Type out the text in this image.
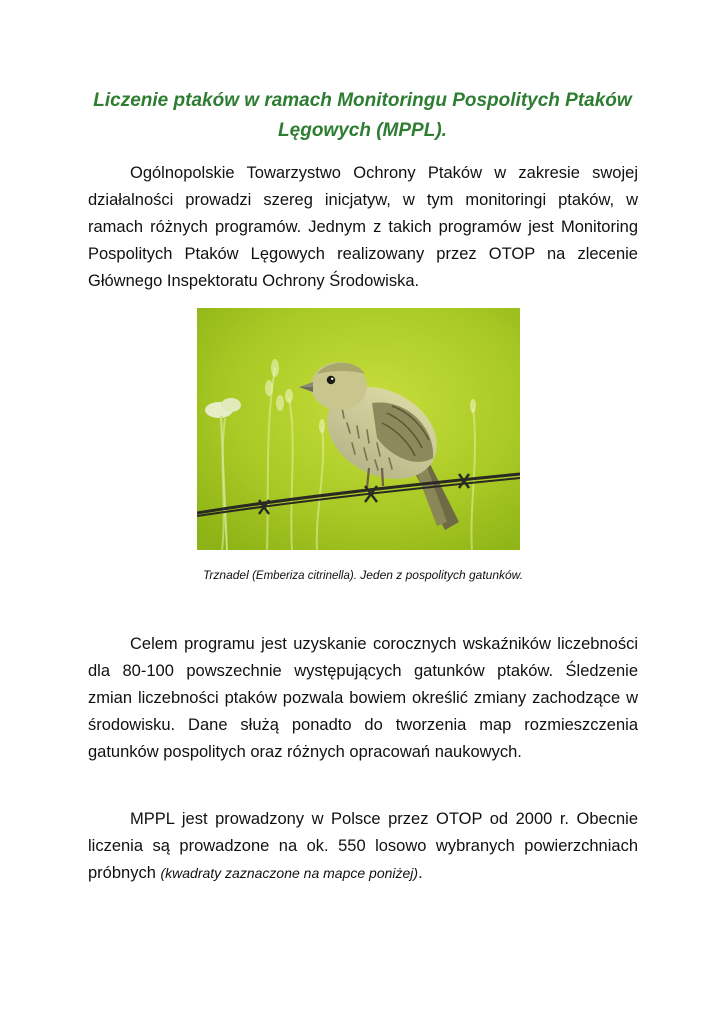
Liczenie ptaków w ramach Monitoringu Pospolitych Ptaków Lęgowych (MPPL).

Ogólnopolskie Towarzystwo Ochrony Ptaków w zakresie swojej działalności prowadzi szereg inicjatyw, w tym monitoringi ptaków, w ramach różnych programów. Jednym z takich programów jest Monitoring Pospolitych Ptaków Lęgowych realizowany przez OTOP na zlecenie Głównego Inspektoratu Ochrony Środowiska.

Trznadel (Emberiza citrinella). Jeden z pospolitych gatunków.

Celem programu jest uzyskanie corocznych wskaźników liczebności dla 80-100 powszechnie występujących gatunków ptaków. Śledzenie zmian liczebności ptaków pozwala bowiem określić zmiany zachodzące w środowisku. Dane służą ponadto do tworzenia map rozmieszczenia gatunków pospolitych oraz różnych opracowań naukowych.

MPPL jest prowadzony w Polsce przez OTOP od 2000 r. Obecnie liczenia są prowadzone na ok. 550 losowo wybranych powierzchniach próbnych (kwadraty zaznaczone na mapce poniżej).
